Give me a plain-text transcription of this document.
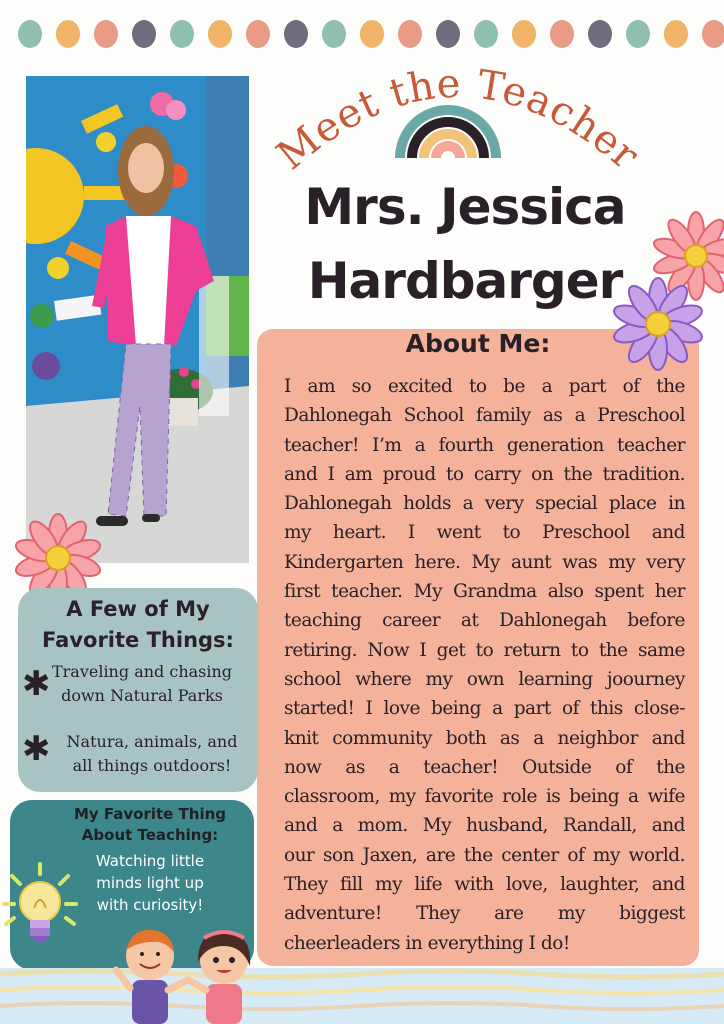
Meet the Teacher
Mrs. Jessica
Hardbarger
About Me:
I am so excited to be a part of the
Dahlonegah School family as a Preschool
teacher! I’m a fourth generation teacher
and I am proud to carry on the tradition.
Dahlonegah holds a very special place in
my heart. I went to Preschool and
Kindergarten here. My aunt was my very
first teacher. My Grandma also spent her
teaching career at Dahlonegah before
retiring. Now I get to return to the same
school where my own learning joourney
started! I love being a part of this close-
knit community both as a neighbor and
now as a teacher! Outside of the
classroom, my favorite role is being a wife
and a mom. My husband, Randall, and
our son Jaxen, are the center of my world.
They fill my life with love, laughter, and
adventure! They are my biggest
cheerleaders in everything I do!
A Few of My
Favorite Things:
✱ Traveling and chasing
down Natural Parks
✱	Natura, animals, and
all things outdoors!
My Favorite Thing
About Teaching:
Watching little
minds light up
with curiosity!
